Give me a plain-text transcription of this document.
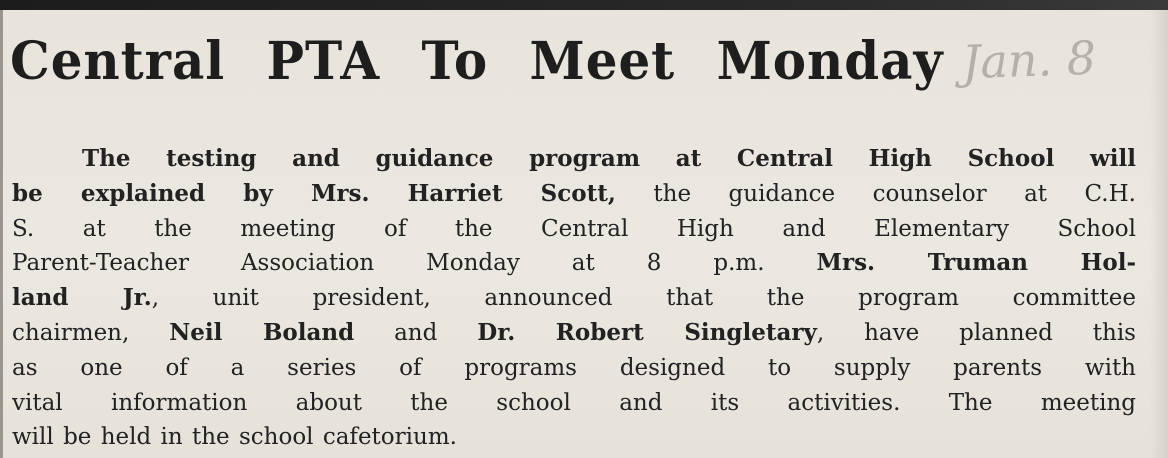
Central PTA To Meet Monday Jan. 8
The testing and guidance program at Central High School will
be explained by Mrs. Harriet Scott, the guidance counselor at C.H.
S. at the meeting of the Central High and Elementary School
Parent-Teacher Association Monday at 8 p.m. Mrs. Truman Hol-
land Jr., unit president, announced that the program committee
chairmen, Neil Boland and Dr. Robert Singletary, have planned this
as one of a series of programs designed to supply parents with
vital information about the school and its activities. The meeting
will be held in the school cafetorium.
